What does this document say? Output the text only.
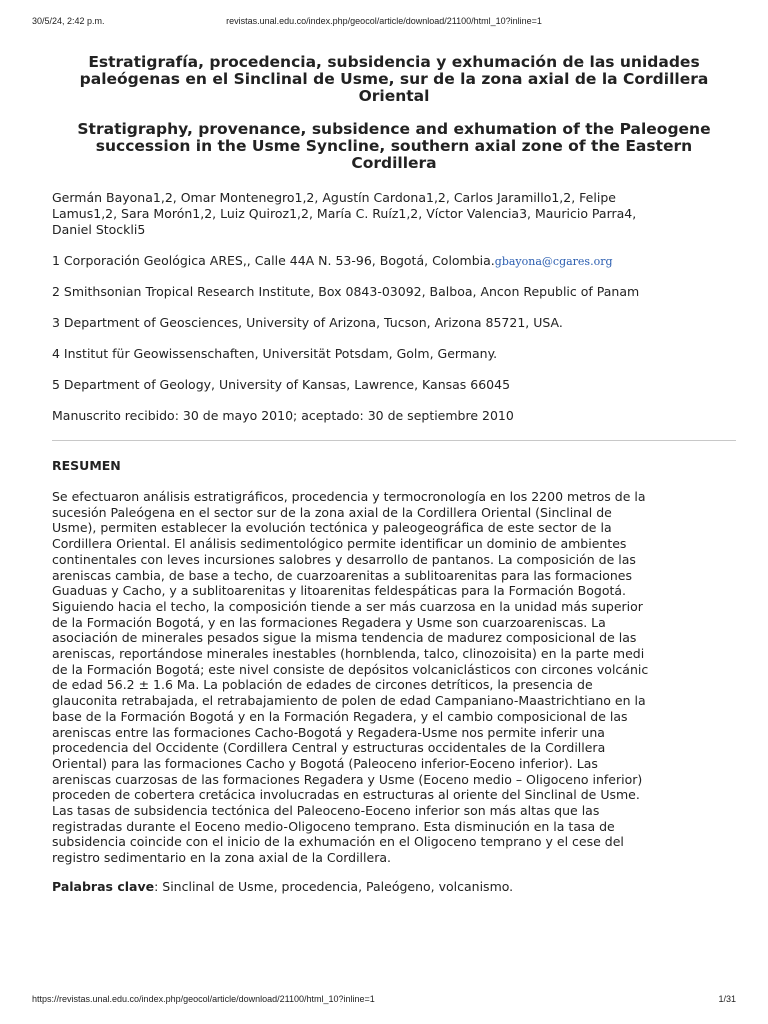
30/5/24, 2:42 p.m.	revistas.unal.edu.co/index.php/geocol/article/download/21100/html_10?inline=1
Estratigrafía, procedencia, subsidencia y exhumación de las unidades
paleógenas en el Sinclinal de Usme, sur de la zona axial de la Cordillera
Oriental
Stratigraphy, provenance, subsidence and exhumation of the Paleogene
succession in the Usme Syncline, southern axial zone of the Eastern
Cordillera

Germán Bayona1,2, Omar Montenegro1,2, Agustín Cardona1,2, Carlos Jaramillo1,2, Felipe
Lamus1,2, Sara Morón1,2, Luiz Quiroz1,2, María C. Ruíz1,2, Víctor Valencia3, Mauricio Parra4,
Daniel Stockli5

1 Corporación Geológica ARES,, Calle 44A N. 53-96, Bogotá, Colombia.gbayona@cgares.org

2 Smithsonian Tropical Research Institute, Box 0843-03092, Balboa, Ancon Republic of Panam

3 Department of Geosciences, University of Arizona, Tucson, Arizona 85721, USA.

4 Institut für Geowissenschaften, Universität Potsdam, Golm, Germany.

5 Department of Geology, University of Kansas, Lawrence, Kansas 66045

Manuscrito recibido: 30 de mayo 2010; aceptado: 30 de septiembre 2010

RESUMEN

Se efectuaron análisis estratigráficos, procedencia y termocronología en los 2200 metros de la
sucesión Paleógena en el sector sur de la zona axial de la Cordillera Oriental (Sinclinal de
Usme), permiten establecer la evolución tectónica y paleogeográfica de este sector de la
Cordillera Oriental. El análisis sedimentológico permite identificar un dominio de ambientes
continentales con leves incursiones salobres y desarrollo de pantanos. La composición de las
areniscas cambia, de base a techo, de cuarzoarenitas a sublitoarenitas para las formaciones
Guaduas y Cacho, y a sublitoarenitas y litoarenitas feldespáticas para la Formación Bogotá.
Siguiendo hacia el techo, la composición tiende a ser más cuarzosa en la unidad más superior
de la Formación Bogotá, y en las formaciones Regadera y Usme son cuarzoareniscas. La
asociación de minerales pesados sigue la misma tendencia de madurez composicional de las
areniscas, reportándose minerales inestables (hornblenda, talco, clinozoisita) en la parte medi
de la Formación Bogotá; este nivel consiste de depósitos volcaniclásticos con circones volcánic
de edad 56.2 ± 1.6 Ma. La población de edades de circones detríticos, la presencia de
glauconita retrabajada, el retrabajamiento de polen de edad Campaniano-Maastrichtiano en la
base de la Formación Bogotá y en la Formación Regadera, y el cambio composicional de las
areniscas entre las formaciones Cacho-Bogotá y Regadera-Usme nos permite inferir una
procedencia del Occidente (Cordillera Central y estructuras occidentales de la Cordillera
Oriental) para las formaciones Cacho y Bogotá (Paleoceno inferior-Eoceno inferior). Las
areniscas cuarzosas de las formaciones Regadera y Usme (Eoceno medio – Oligoceno inferior)
proceden de cobertera cretácica involucradas en estructuras al oriente del Sinclinal de Usme.
Las tasas de subsidencia tectónica del Paleoceno-Eoceno inferior son más altas que las
registradas durante el Eoceno medio-Oligoceno temprano. Esta disminución en la tasa de
subsidencia coincide con el inicio de la exhumación en el Oligoceno temprano y el cese del
registro sedimentario en la zona axial de la Cordillera.

Palabras clave: Sinclinal de Usme, procedencia, Paleógeno, volcanismo.

https://revistas.unal.edu.co/index.php/geocol/article/download/21100/html_10?inline=1	1/31
